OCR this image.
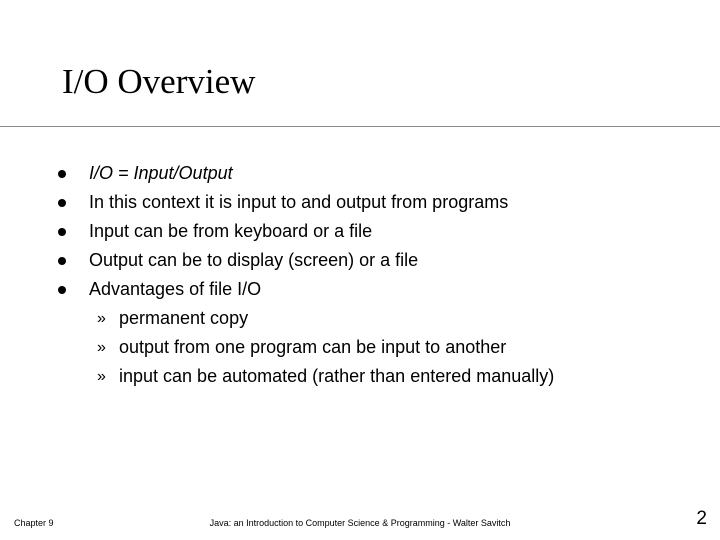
I/O Overview
I/O = Input/Output
In this context it is input to and output from programs
Input can be from keyboard or a file
Output can be to display (screen) or a file
Advantages of file I/O
» permanent copy
» output from one program can be input to another
» input can be automated (rather than entered manually)
Chapter 9	Java: an Introduction to Computer Science & Programming - Walter Savitch	2
